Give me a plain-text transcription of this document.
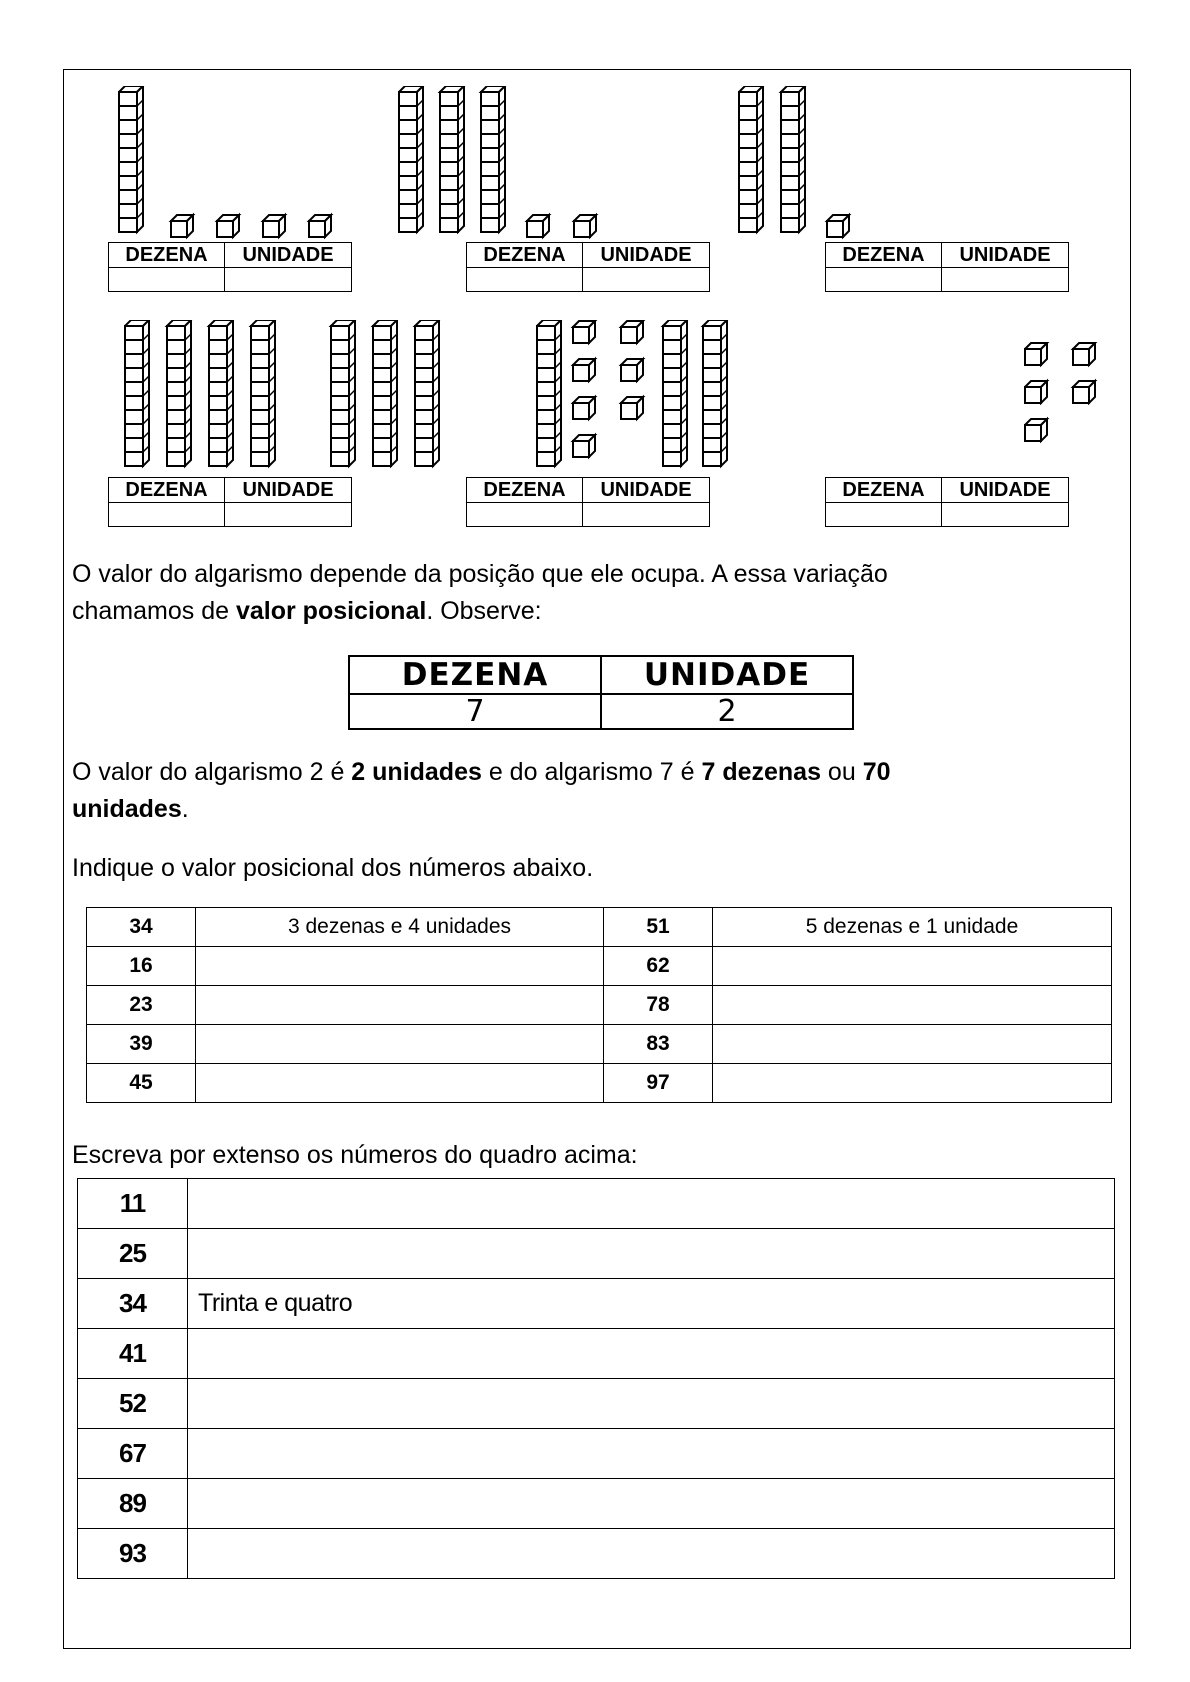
DEZENA	UNIDADE
		DEZENA	UNIDADE
		DEZENA	UNIDADE

DEZENA	UNIDADE
		DEZENA	UNIDADE
		DEZENA	UNIDADE

O valor do algarismo depende da posição que ele ocupa. A essa variação
chamamos de valor posicional. Observe:
DEZENA	UNIDADE
7	2
O valor do algarismo 2 é 2 unidades e do algarismo 7 é 7 dezenas ou 70
unidades.
Indique o valor posicional dos números abaixo.
34	3 dezenas e 4 unidades	51	5 dezenas e 1 unidade
16		62	
23		78	
39		83	
45		97	
Escreva por extenso os números do quadro acima:
11	
25	
34	Trinta e quatro
41	
52	
67	
89	
93	
